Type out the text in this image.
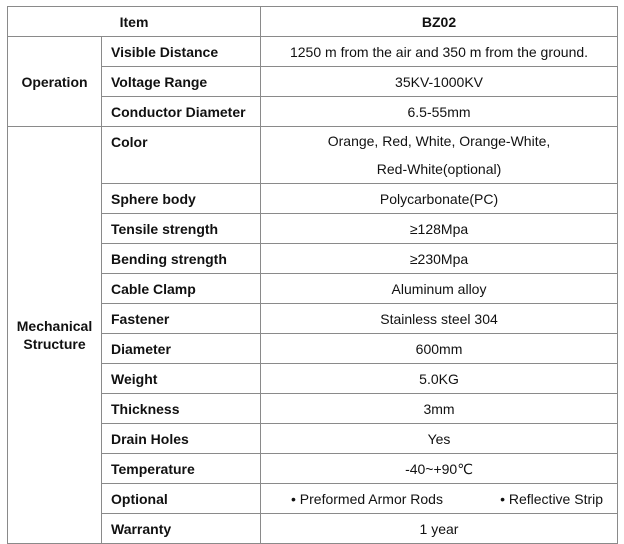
Item		BZ02

Operation	Visible Distance	1250 m from the air and 350 m from the ground.
	Voltage Range	35KV-1000KV
	Conductor Diameter	6.5-55mm

Mechanical
Structure	Color	Orange, Red, White, Orange-White,
Red-White(optional)

	Sphere body	Polycarbonate(PC)
	Tensile strength	≥128Mpa
	Bending strength	≥230Mpa
	Cable Clamp	Aluminum alloy
	Fastener	Stainless steel 304
	Diameter	600mm
	Weight	5.0KG
	Thickness	3mm
	Drain Holes	Yes
	Temperature	-40~+90℃
	Optional	• Preformed Armor Rods • Reflective Strip

	Warranty	1 year
